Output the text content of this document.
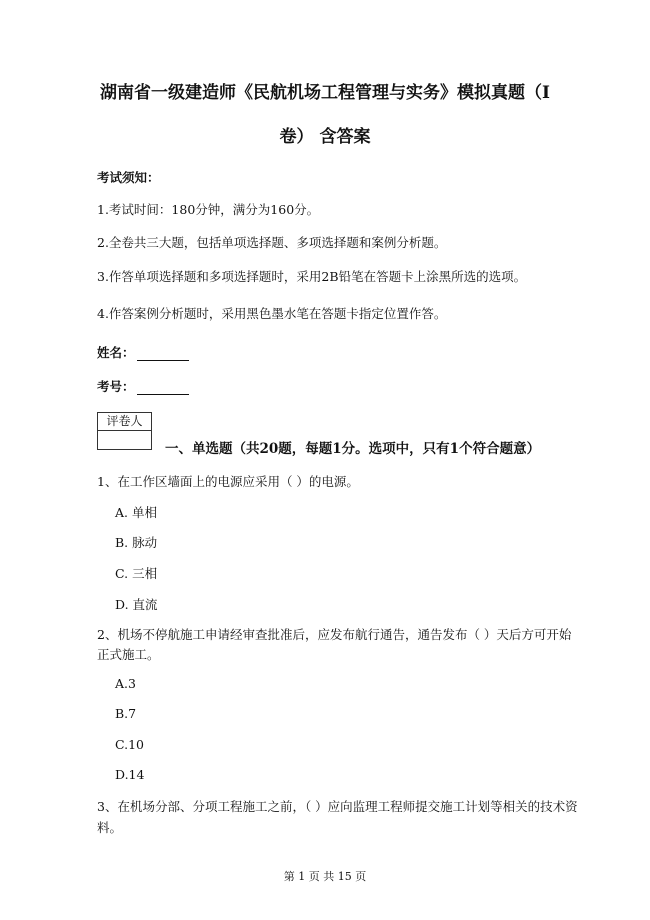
湖南省一级建造师《民航机场工程管理与实务》模拟真题（I
卷） 含答案
考试须知：
1.考试时间：180分钟，满分为160分。
2.全卷共三大题，包括单项选择题、多项选择题和案例分析题。
3.作答单项选择题和多项选择题时，采用2B铅笔在答题卡上涂黑所选的选项。
4.作答案例分析题时，采用黑色墨水笔在答题卡指定位置作答。
姓名：
考号：
评卷人
一、单选题（共20题，每题1分。选项中，只有1个符合题意）
1、在工作区墙面上的电源应采用（ ）的电源。
A. 单相
B. 脉动
C. 三相
D. 直流
2、机场不停航施工申请经审查批准后，应发布航行通告，通告发布（ ）天后方可开始
正式施工。
A.3
B.7
C.10
D.14
3、在机场分部、分项工程施工之前，（ ）应向监理工程师提交施工计划等相关的技术资
料。
第 1 页 共 15 页
